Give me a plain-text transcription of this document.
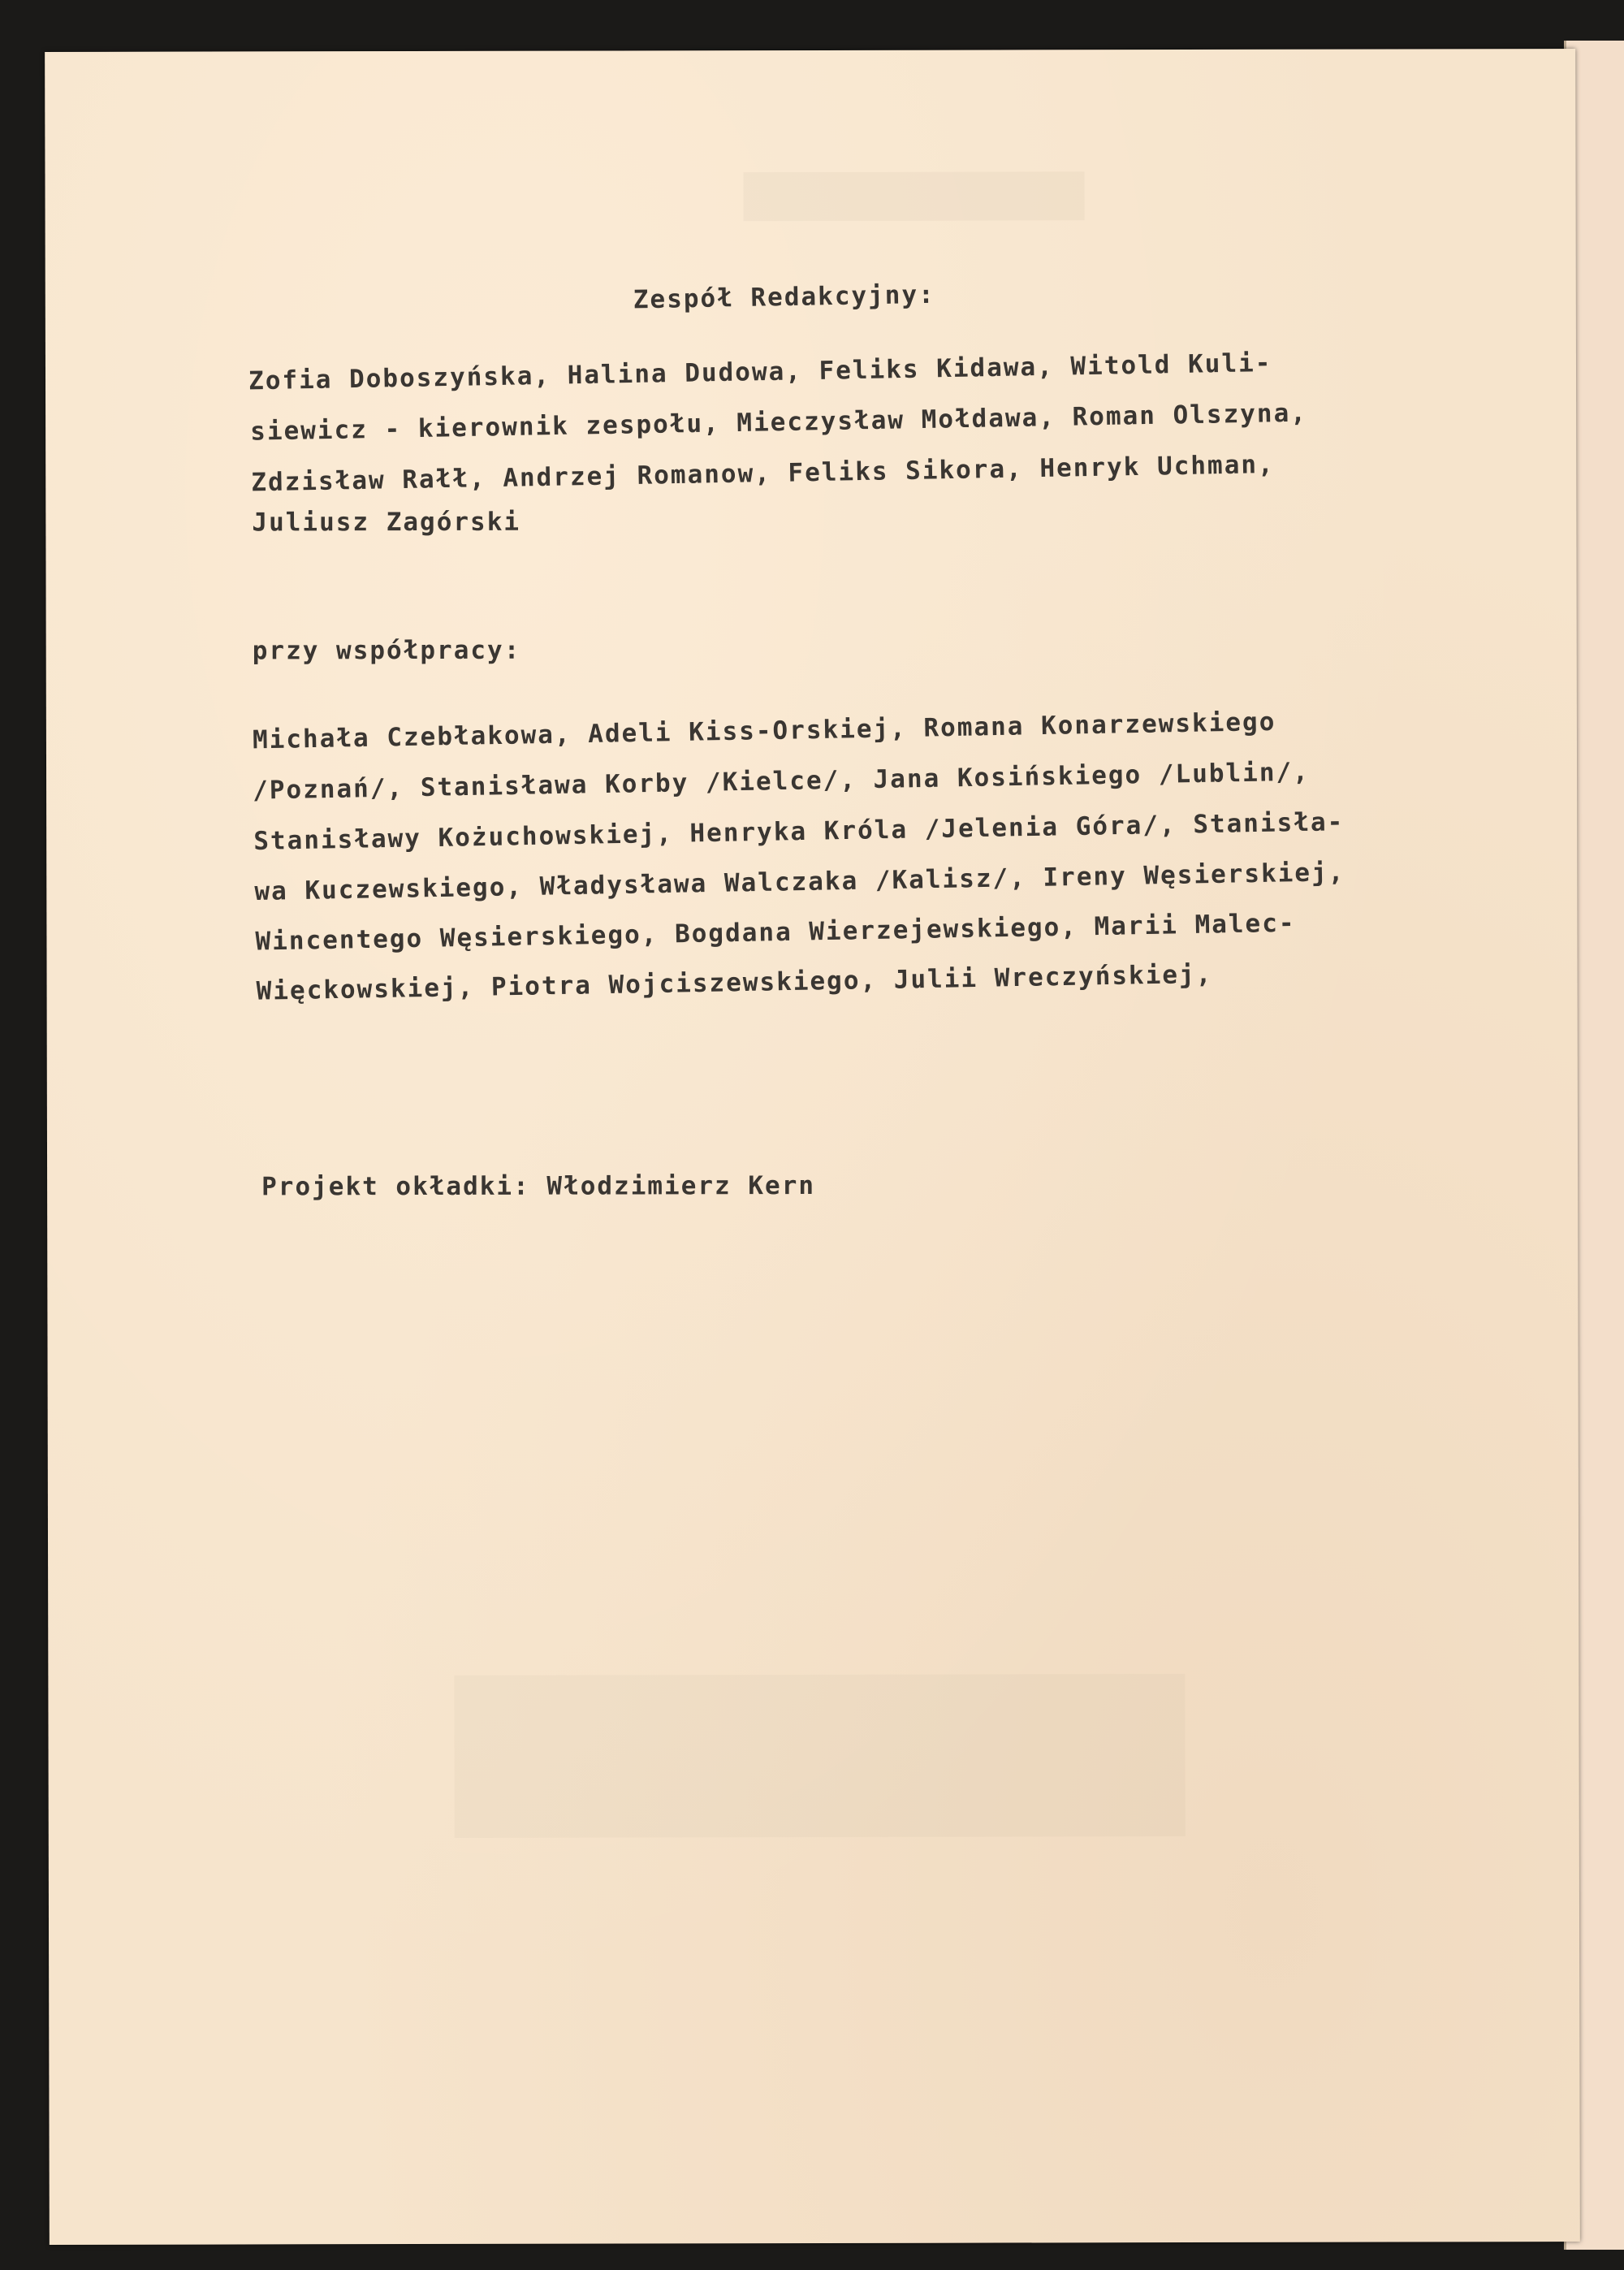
Zespół Redakcyjny:
Zofia Doboszyńska, Halina Dudowa, Feliks Kidawa, Witold Kuli-
siewicz - kierownik zespołu, Mieczysław Mołdawa, Roman Olszyna,
Zdzisław Rałł, Andrzej Romanow, Feliks Sikora, Henryk Uchman,
Juliusz Zagórski
przy współpracy:
Michała Czebłakowa, Adeli Kiss-Orskiej, Romana Konarzewskiego
/Poznań/, Stanisława Korby /Kielce/, Jana Kosińskiego /Lublin/,
Stanisławy Kożuchowskiej, Henryka Króla /Jelenia Góra/, Stanisła-
wa Kuczewskiego, Władysława Walczaka /Kalisz/, Ireny Węsierskiej,
Wincentego Węsierskiego, Bogdana Wierzejewskiego, Marii Malec-
Więckowskiej, Piotra Wojciszewskiego, Julii Wreczyńskiej,
Projekt okładki: Włodzimierz Kern
